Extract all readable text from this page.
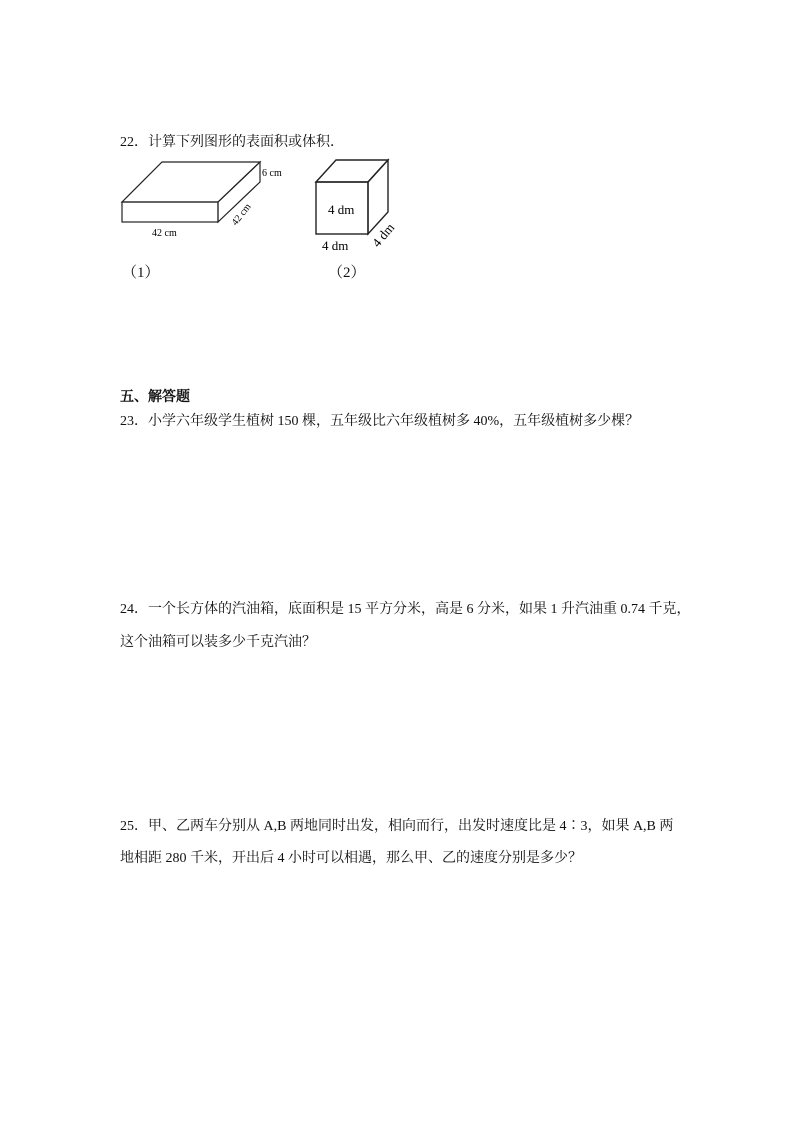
22．计算下列图形的表面积或体积．
6 cm
42 cm
42 cm
（1）
4 dm
4 dm 4 dm
（2）
五、解答题
23．小学六年级学生植树 150 棵，五年级比六年级植树多 40%，五年级植树多少棵？
24．一个长方体的汽油箱，底面积是 15 平方分米，高是 6 分米，如果 1 升汽油重 0.74 千克，
这个油箱可以装多少千克汽油？
25．甲、乙两车分别从 A,B 两地同时出发，相向而行，出发时速度比是 4∶3，如果 A,B 两
地相距 280 千米，开出后 4 小时可以相遇，那么甲、乙的速度分别是多少？
